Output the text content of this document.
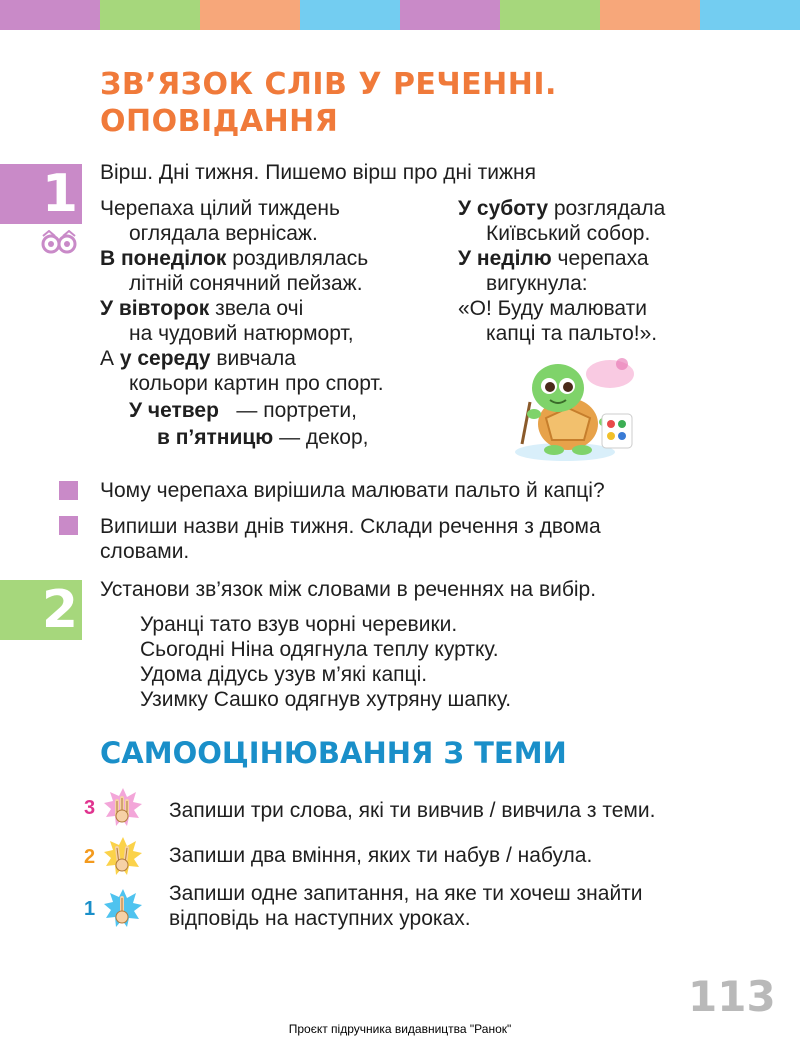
ЗВ’ЯЗОК СЛІВ У РЕЧЕННІ.
ОПОВІДАННЯ
1 Вірш. Дні тижня. Пишемо вірш про дні тижня
Черепаха цілий тиждень
оглядала вернісаж.
В понеділок роздивлялась
літній сонячний пейзаж.
У вівторок звела очі
на чудовий натюрморт,
А у середу вивчала
кольори картин про спорт.
У четвер   — портрети,
в п’ятницю — декор,
У суботу розглядала
Київський собор.
У неділю черепаха
вигукнула:
«О! Буду малювати
капці та пальто!».
Чому черепаха вирішила малювати пальто й капці?
Випиши назви днів тижня. Склади речення з двома
словами.
2 Установи зв’язок між словами в реченнях на вибір.
Уранці тато взув чорні черевики.
Сьогодні Ніна одягнула теплу куртку.
Удома дідусь узув м’які капці.
Узимку Сашко одягнув хутряну шапку.
САМООЦІНЮВАННЯ З ТЕМИ
3	Запиши три слова, які ти вивчив / вивчила з теми.
2	Запиши два вміння, яких ти набув / набула.
1
Запиши одне запитання, на яке ти хочеш знайти
відповідь на наступних уроках.
113
Проєкт підручника видавництва "Ранок"
